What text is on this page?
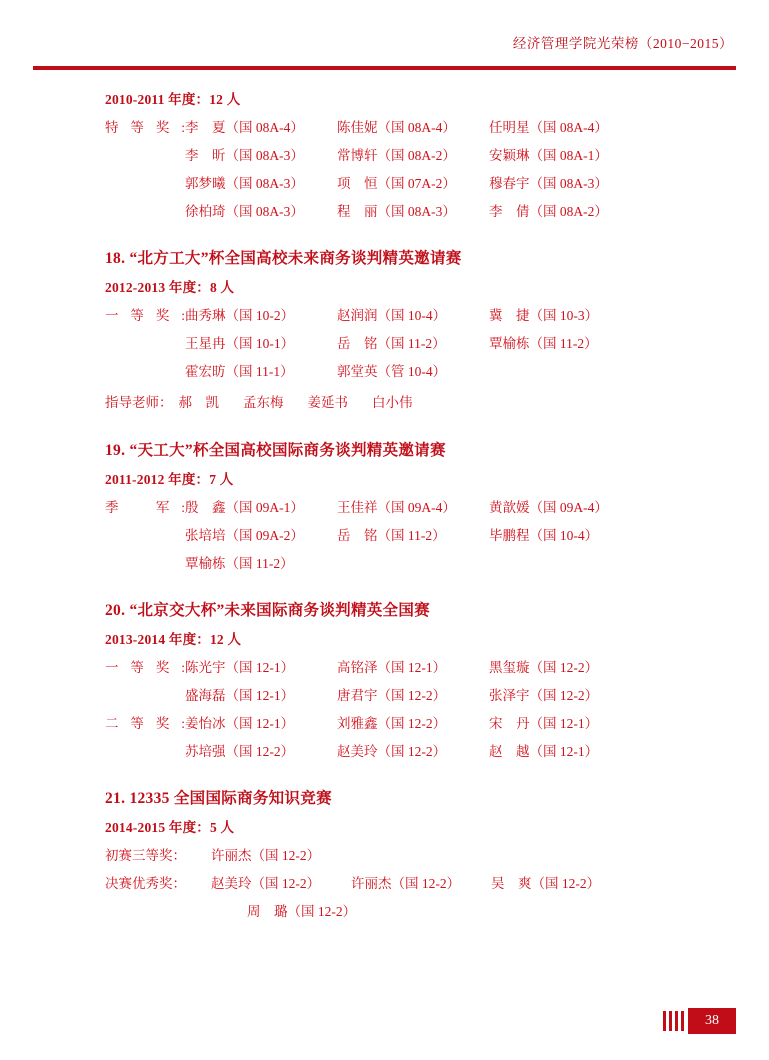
经济管理学院光荣榜（2010−2015）
2010-2011 年度：12 人
特等奖: 李　夏（国 08A-4） 陈佳妮（国 08A-4） 任明星（国 08A-4）
李　昕（国 08A-3） 常博轩（国 08A-2） 安颖琳（国 08A-1）
郭梦曦（国 08A-3） 项　恒（国 07A-2） 穆春宇（国 08A-3）
徐柏琦（国 08A-3） 程　丽（国 08A-3） 李　倩（国 08A-2）
18. “北方工大”杯全国高校未来商务谈判精英邀请赛
2012-2013 年度：8 人
一等奖: 曲秀琳（国 10-2）	赵润润（国 10-4）	冀　捷（国 10-3）
王星冉（国 10-1）	岳　铭（国 11-2）	覃榆栋（国 11-2）
霍宏昉（国 11-1）	郭堂英（管 10-4）
指导老师： 郝　凯 孟东梅 姜延书 白小伟
19. “天工大”杯全国高校国际商务谈判精英邀请赛
2011-2012 年度：7 人
季　军: 殷　鑫（国 09A-1） 王佳祥（国 09A-4） 黄歆媛（国 09A-4）
张培培（国 09A-2） 岳　铭（国 11-2）	毕鹏程（国 10-4）
覃榆栋（国 11-2）
20. “北京交大杯”未来国际商务谈判精英全国赛
2013-2014 年度：12 人
一等奖: 陈光宇（国 12-1）	高铭泽（国 12-1）	黑玺璇（国 12-2）
盛海磊（国 12-1）	唐君宇（国 12-2）	张泽宇（国 12-2）
二等奖: 姜怡冰（国 12-1）	刘雅鑫（国 12-2）	宋　丹（国 12-1）
苏培强（国 12-2）	赵美玲（国 12-2）	赵　越（国 12-1）
21. 12335 全国国际商务知识竞赛
2014-2015 年度：5 人
初赛三等奖：	许丽杰（国 12-2）
决赛优秀奖：	赵美玲（国 12-2） 许丽杰（国 12-2） 吴　爽（国 12-2）
周　璐（国 12-2）
38
